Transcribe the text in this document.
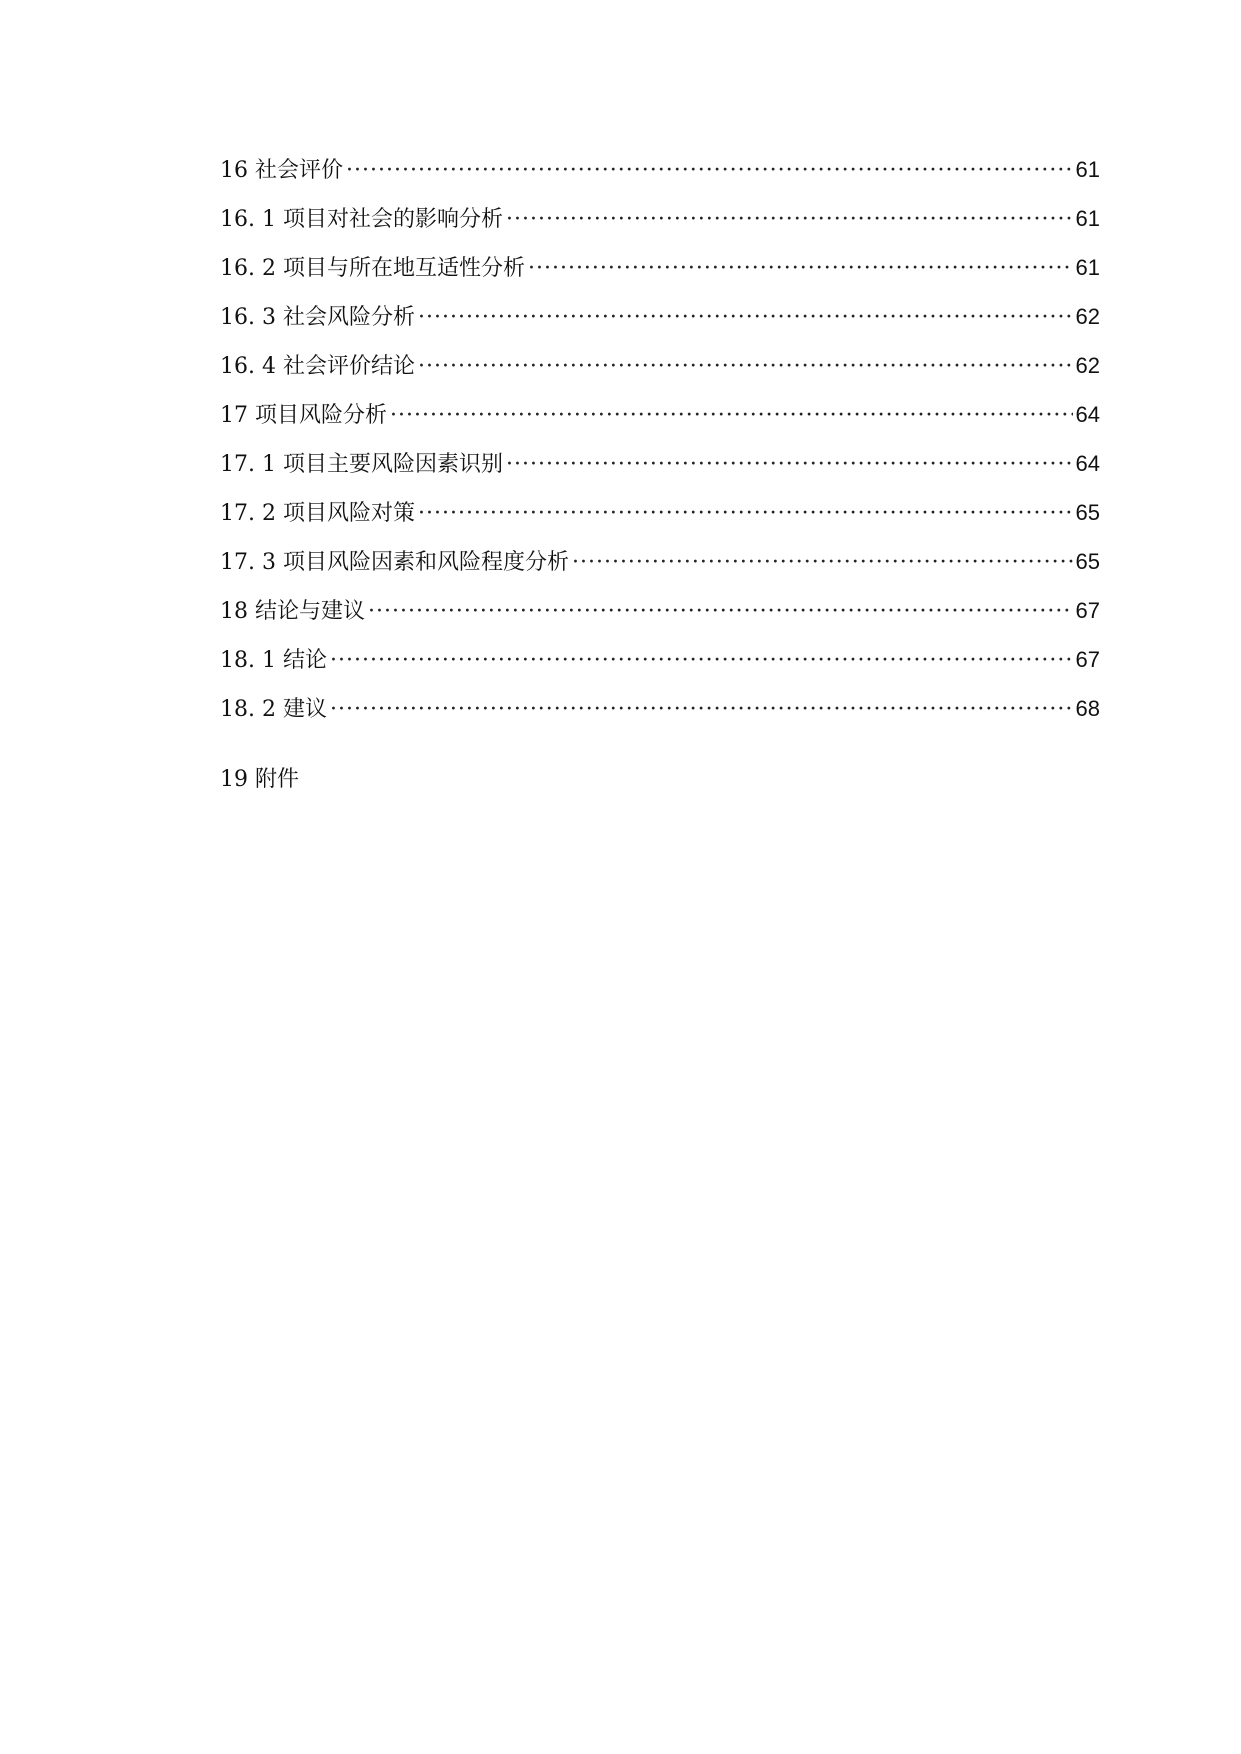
16 社会评价 ·····	61
16. 1 项目对社会的影响分析 ·····	61
16. 2 项目与所在地互适性分析 ·····	61
16. 3 社会风险分析 ·····	62
16. 4 社会评价结论 ·····	62
17 项目风险分析 ·····	64
17. 1 项目主要风险因素识别 ·····	64
17. 2 项目风险对策 ·····	65
17. 3 项目风险因素和风险程度分析 ·····	65
18 结论与建议 ·····	67
18. 1 结论 ·····	67
18. 2 建议 ·····	68
19 附件
